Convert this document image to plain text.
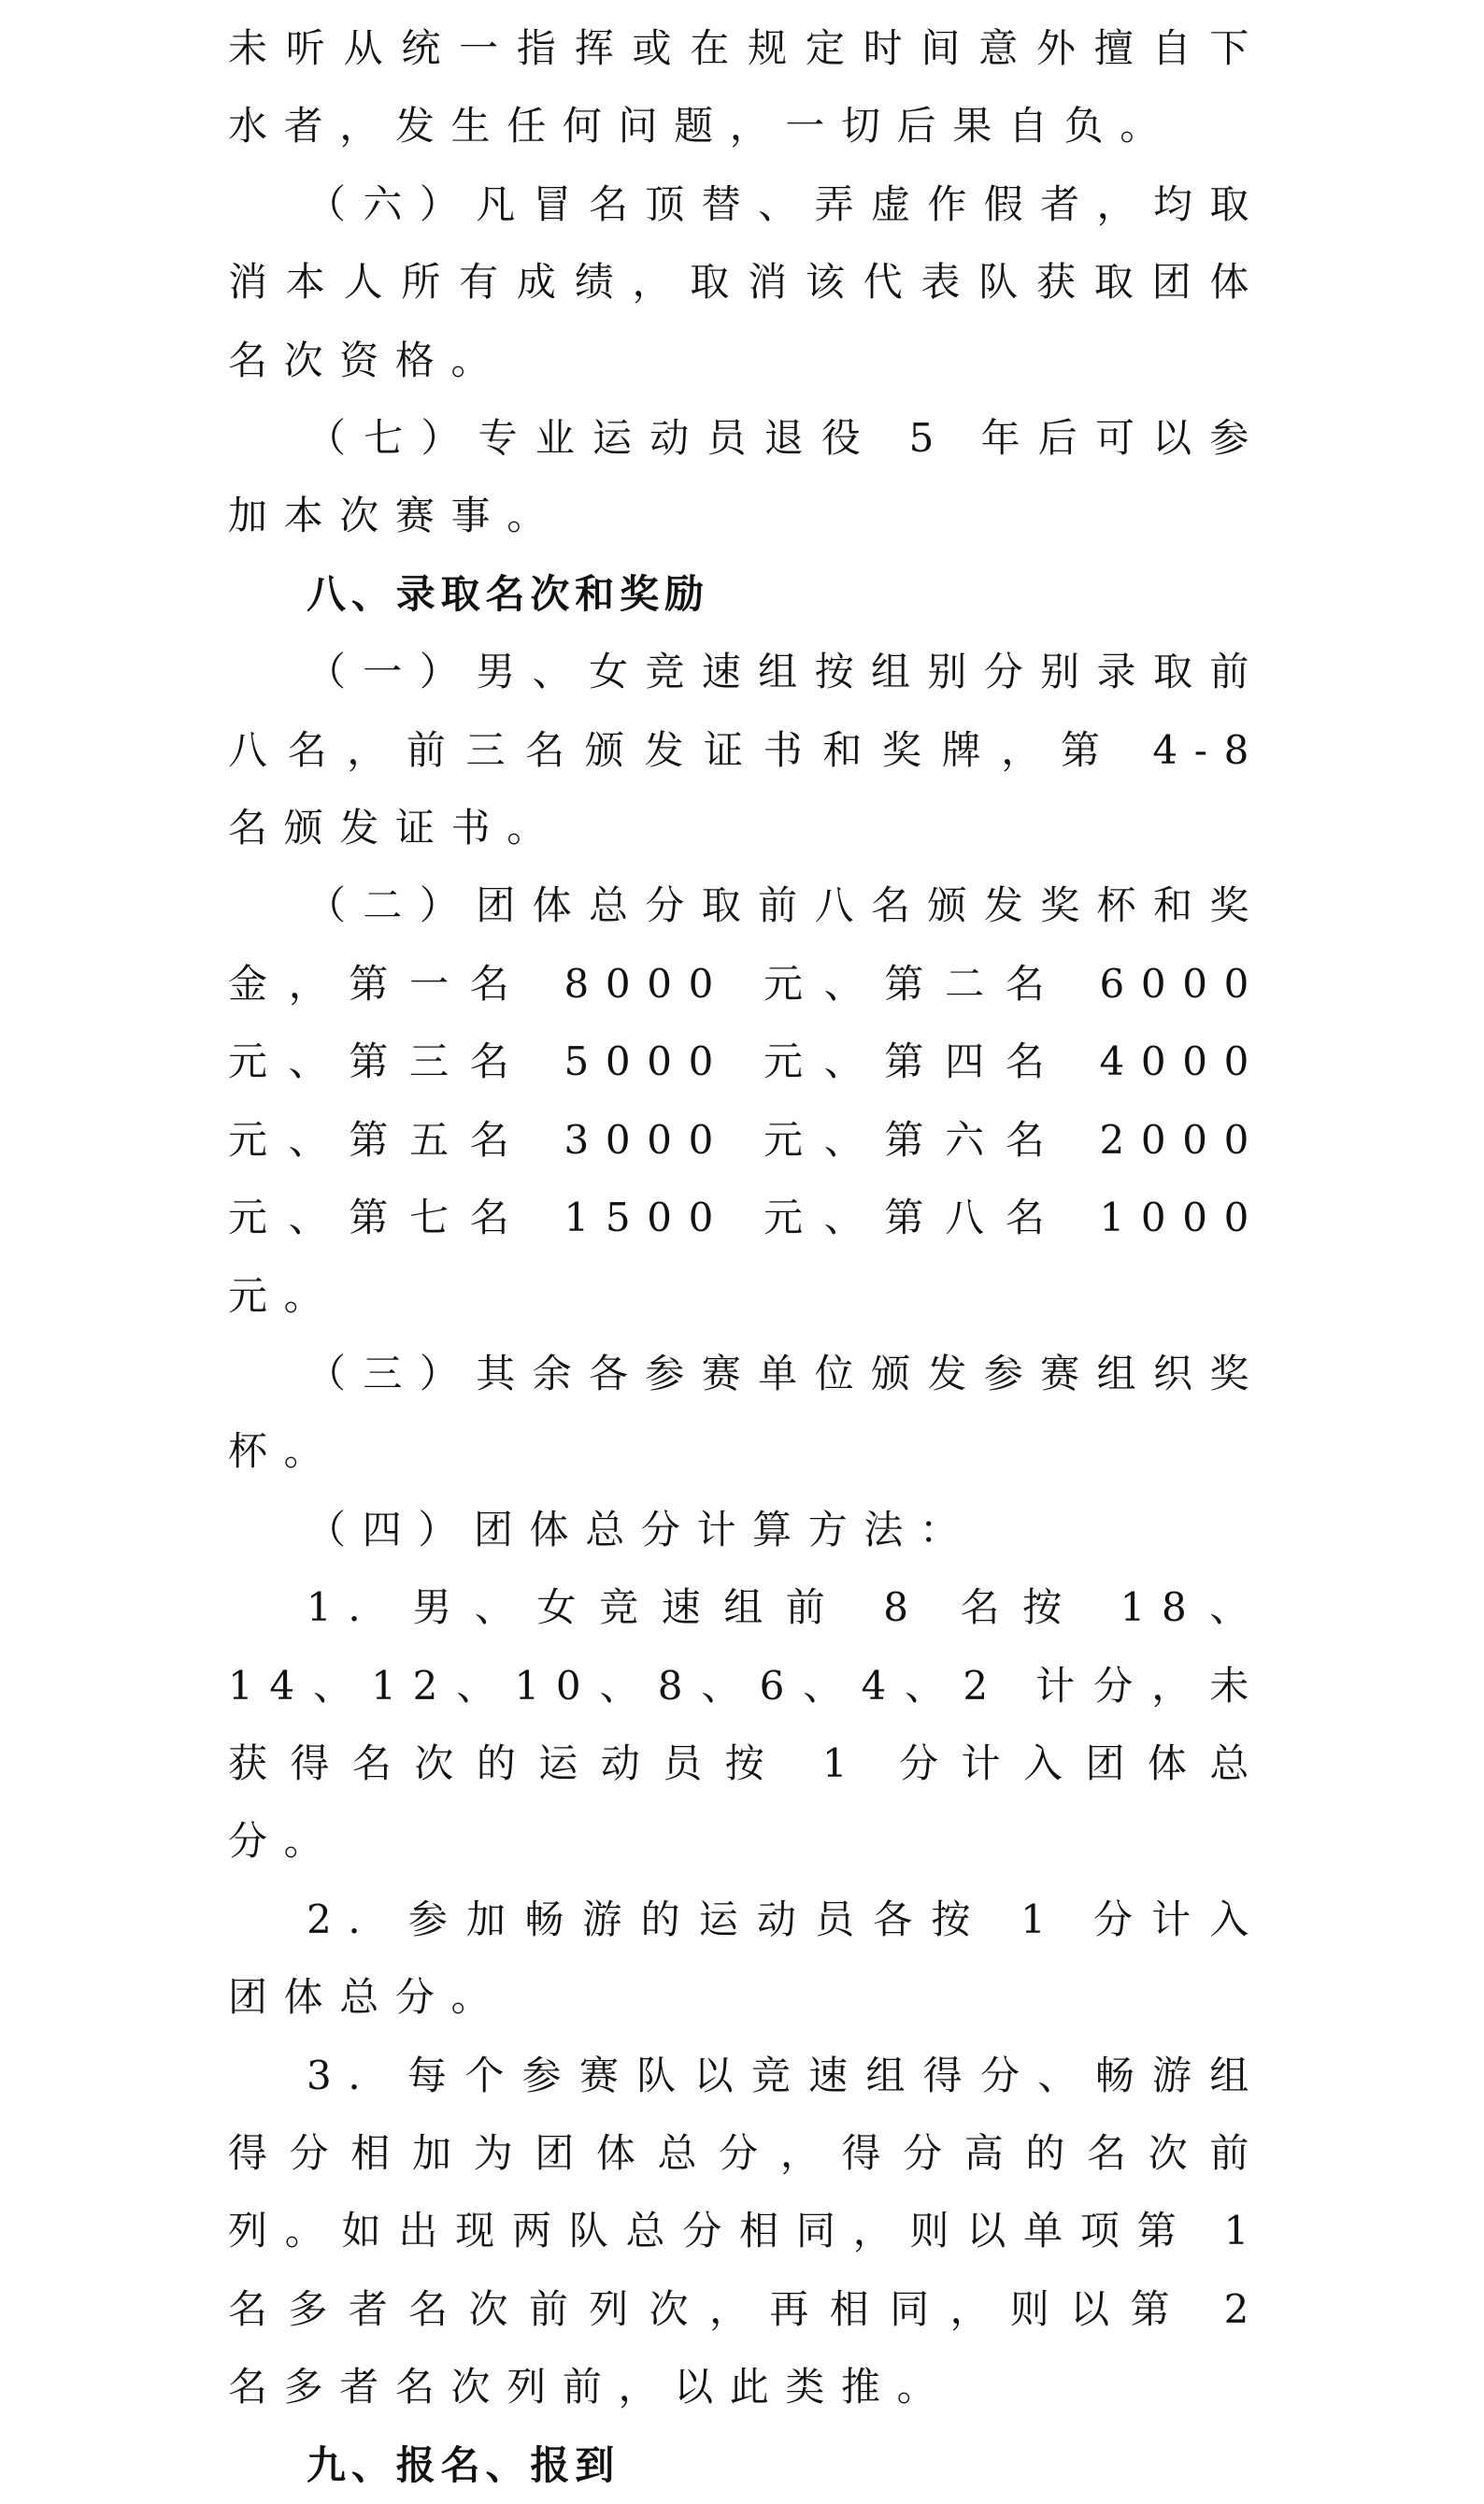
未听从统一指挥或在规定时间意外擅自下水者，发生任何问题，一切后果自负。

（六）凡冒名顶替、弄虚作假者，均取消本人所有成绩，取消该代表队获取团体名次资格。

（七）专业运动员退役 5 年后可以参加本次赛事。

八、录取名次和奖励

（一）男、女竞速组按组别分别录取前八名，前三名颁发证书和奖牌，第 4-8 名颁发证书。

（二）团体总分取前八名颁发奖杯和奖金，第一名 8000 元、第二名 6000 元、第三名 5000 元、第四名 4000 元、第五名 3000 元、第六名 2000 元、第七名 1500 元、第八名 1000 元。

（三）其余各参赛单位颁发参赛组织奖杯。

（四）团体总分计算方法：

1. 男、女竞速组前 8 名按 18、14、12、10、8、6、4、2 计分，未获得名次的运动员按 1 分计入团体总分。

2. 参加畅游的运动员各按 1 分计入团体总分。

3. 每个参赛队以竞速组得分、畅游组得分相加为团体总分，得分高的名次前列。如出现两队总分相同，则以单项第 1 名多者名次前列次，再相同，则以第 2 名多者名次列前，以此类推。

九、报名、报到
